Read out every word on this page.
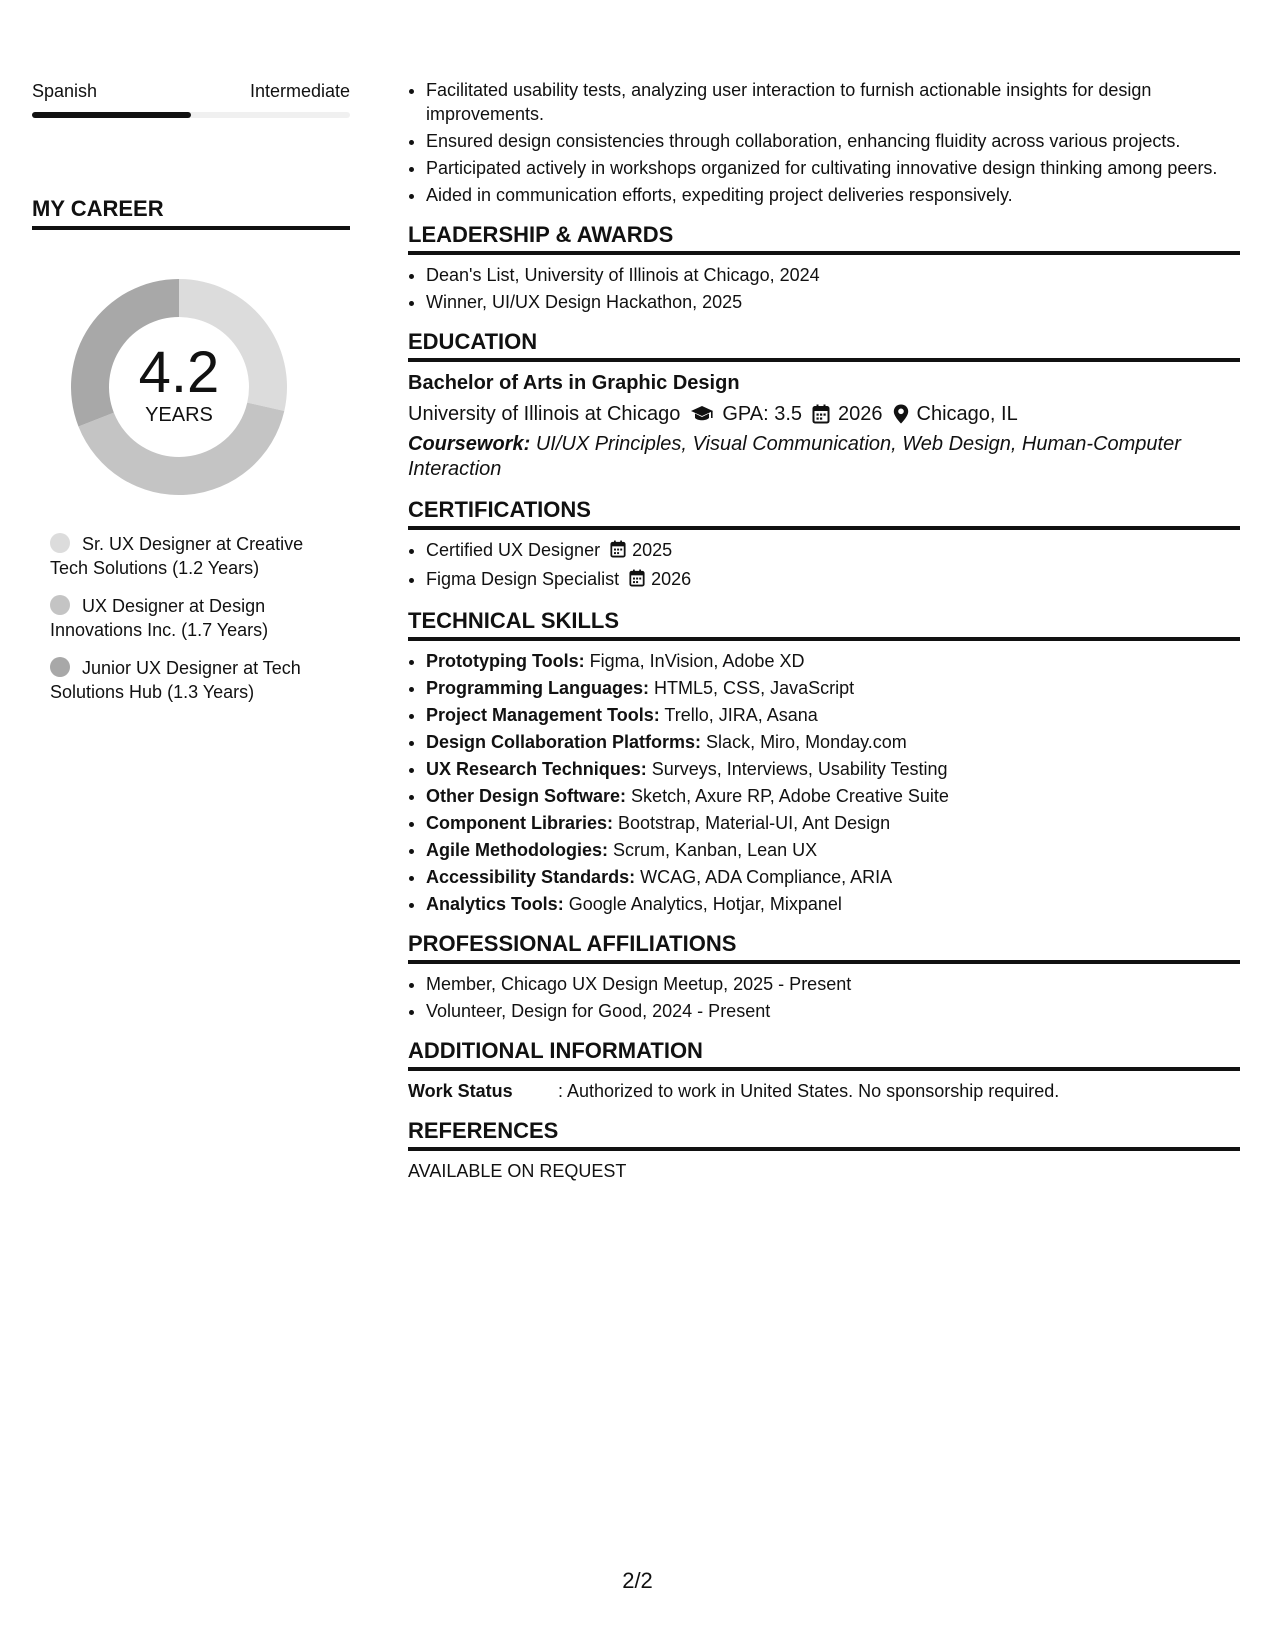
Spanish	Intermediate
MY CAREER
4.2
YEARS
Sr. UX Designer at Creative Tech Solutions (1.2 Years)
UX Designer at Design Innovations Inc. (1.7 Years)
Junior UX Designer at Tech Solutions Hub (1.3 Years)
• Facilitated usability tests, analyzing user interaction to furnish actionable insights for design improvements.
• Ensured design consistencies through collaboration, enhancing fluidity across various projects.
• Participated actively in workshops organized for cultivating innovative design thinking among peers.
• Aided in communication efforts, expediting project deliveries responsively.
LEADERSHIP & AWARDS
• Dean's List, University of Illinois at Chicago, 2024
• Winner, UI/UX Design Hackathon, 2025
EDUCATION
Bachelor of Arts in Graphic Design
University of Illinois at Chicago GPA: 3.5 2026 Chicago, IL
Coursework: UI/UX Principles, Visual Communication, Web Design, Human-Computer Interaction
CERTIFICATIONS
• Certified UX Designer 2025
• Figma Design Specialist 2026
TECHNICAL SKILLS
• Prototyping Tools: Figma, InVision, Adobe XD
• Programming Languages: HTML5, CSS, JavaScript
• Project Management Tools: Trello, JIRA, Asana
• Design Collaboration Platforms: Slack, Miro, Monday.com
• UX Research Techniques: Surveys, Interviews, Usability Testing
• Other Design Software: Sketch, Axure RP, Adobe Creative Suite
• Component Libraries: Bootstrap, Material-UI, Ant Design
• Agile Methodologies: Scrum, Kanban, Lean UX
• Accessibility Standards: WCAG, ADA Compliance, ARIA
• Analytics Tools: Google Analytics, Hotjar, Mixpanel
PROFESSIONAL AFFILIATIONS
• Member, Chicago UX Design Meetup, 2025 - Present
• Volunteer, Design for Good, 2024 - Present
ADDITIONAL INFORMATION
Work Status	: Authorized to work in United States. No sponsorship required.
REFERENCES
AVAILABLE ON REQUEST
2/2
